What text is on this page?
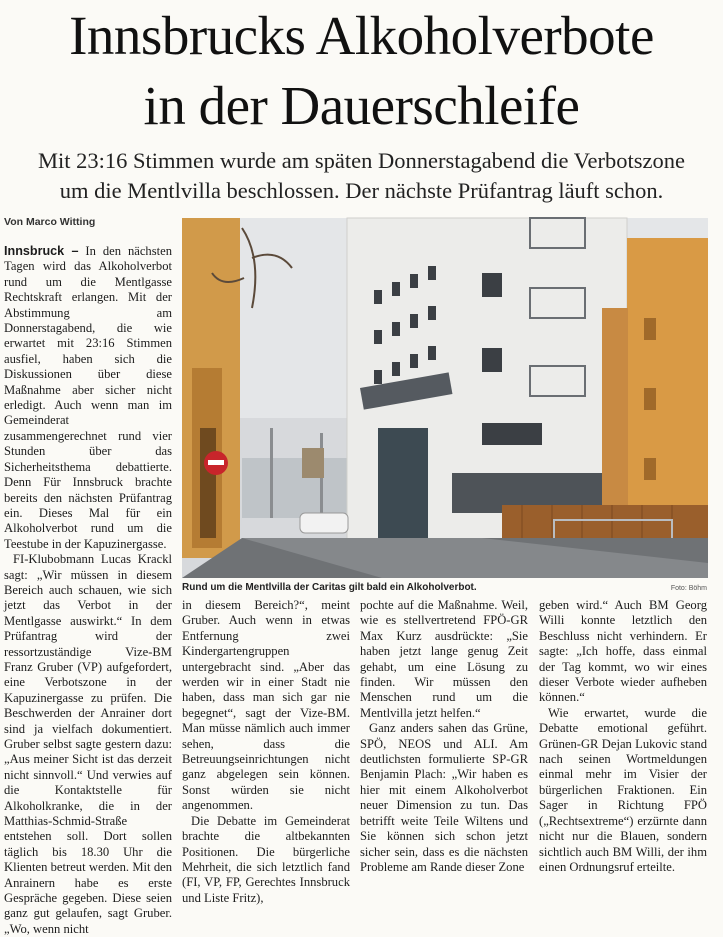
Innsbrucks Alkoholverbote
in der Dauerschleife
Mit 23:16 Stimmen wurde am späten Donnerstagabend die Verbotszone
um die Mentlvilla beschlossen. Der nächste Prüfantrag läuft schon.
Von Marco Witting

Innsbruck – In den nächsten Tagen wird das Alkoholverbot rund um die Mentlgasse Rechtskraft erlangen. Mit der Abstimmung am Donnerstagabend, die wie erwartet mit 23:16 Stimmen ausfiel, haben sich die Diskussionen über diese Maßnahme aber sicher nicht erledigt. Auch wenn man im Gemeinderat zusammengerechnet rund vier Stunden über das Sicherheitsthema debattierte. Denn Für Innsbruck brachte bereits den nächsten Prüfantrag ein. Dieses Mal für ein Alkoholverbot rund um die Teestube in der Kapuzinergasse.

FI-Klubobmann Lucas Krackl sagt: „Wir müssen in diesem Bereich auch schauen, wie sich jetzt das Verbot in der Mentlgasse auswirkt.“ In dem Prüfantrag wird der ressortzuständige Vize-BM Franz Gruber (VP) aufgefordert, eine Verbotszone in der Kapuzinergasse zu prüfen. Die Beschwerden der Anrainer dort sind ja vielfach dokumentiert. Gruber selbst sagte gestern dazu: „Aus meiner Sicht ist das derzeit nicht sinnvoll.“ Und verwies auf die Kontaktstelle für Alkoholkranke, die in der Matthias-Schmid-Straße entstehen soll. Dort sollen täglich bis 18.30 Uhr die Klienten betreut werden. Mit den Anrainern habe es erste Gespräche gegeben. Diese seien ganz gut gelaufen, sagt Gruber. „Wo, wenn nicht

Rund um die Mentlvilla der Caritas gilt bald ein Alkoholverbot.	Foto: Böhm

in diesem Bereich?“, meint Gruber. Auch wenn in etwas Entfernung zwei Kindergartengruppen untergebracht sind. „Aber das werden wir in einer Stadt nie haben, dass man sich gar nie begegnet“, sagt der Vize-BM. Man müsse nämlich auch immer sehen, dass die Betreuungseinrichtungen nicht ganz abgelegen sein können. Sonst würden sie nicht angenommen.

Die Debatte im Gemeinderat brachte die altbekannten Positionen. Die bürgerliche Mehrheit, die sich letztlich fand (FI, VP, FP, Gerechtes Innsbruck und Liste Fritz),

pochte auf die Maßnahme. Weil, wie es stellvertretend FPÖ-GR Max Kurz ausdrückte: „Sie haben jetzt lange genug Zeit gehabt, um eine Lösung zu finden. Wir müssen den Menschen rund um die Mentlvilla jetzt helfen.“

Ganz anders sahen das Grüne, SPÖ, NEOS und ALI. Am deutlichsten formulierte SP-GR Benjamin Plach: „Wir haben es hier mit einem Alkoholverbot neuer Dimension zu tun. Das betrifft weite Teile Wiltens und Sie können sich schon jetzt sicher sein, dass es die nächsten Probleme am Rande dieser Zone

geben wird.“ Auch BM Georg Willi konnte letztlich den Beschluss nicht verhindern. Er sagte: „Ich hoffe, dass einmal der Tag kommt, wo wir eines dieser Verbote wieder aufheben können.“

Wie erwartet, wurde die Debatte emotional geführt. Grünen-GR Dejan Lukovic stand nach seinen Wortmeldungen einmal mehr im Visier der bürgerlichen Fraktionen. Ein Sager in Richtung FPÖ („Rechtsextreme“) erzürnte dann nicht nur die Blauen, sondern sichtlich auch BM Willi, der ihm einen Ordnungsruf erteilte.
